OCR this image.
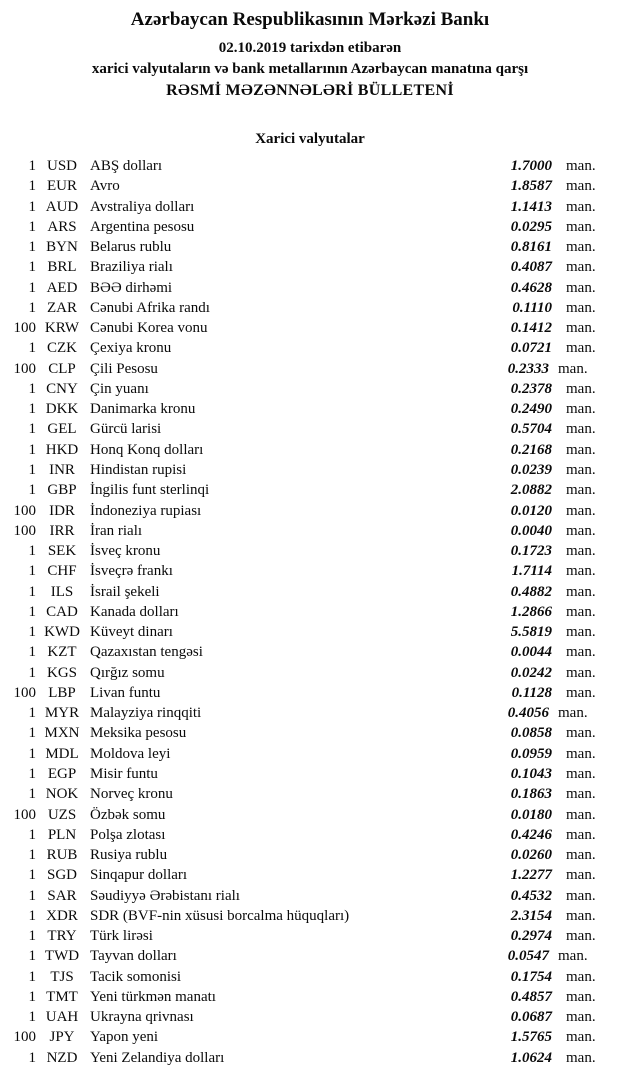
Azərbaycan Respublikasının Mərkəzi Bankı
02.10.2019 tarixdən etibarən
xarici valyutaların və bank metallarının Azərbaycan manatına qarşı
RƏSMİ MƏZƏNNƏLƏRİ BÜLLETENİ
Xarici valyutalar
1 USD ABŞ dolları	1.7000 man.
1 EUR Avro	1.8587 man.
1 AUD Avstraliya dolları	1.1413 man.
1 ARS Argentina pesosu	0.0295 man.
1 BYN Belarus rublu	0.8161 man.
1 BRL Braziliya rialı	0.4087 man.
1 AED BƏƏ dirhəmi	0.4628 man.
1 ZAR Cənubi Afrika randı	0.1110 man.
100 KRW Cənubi Korea vonu	0.1412 man.
1 CZK Çexiya kronu	0.0721 man.
100 CLP Çili Pesosu	0.2333 man.
1 CNY Çin yuanı	0.2378 man.
1 DKK Danimarka kronu	0.2490 man.
1 GEL Gürcü larisi	0.5704 man.
1 HKD Honq Konq dolları	0.2168 man.
1 INR	Hindistan rupisi	0.0239 man.
1 GBP İngilis funt sterlinqi	2.0882 man.
100 IDR	İndoneziya rupiası	0.0120 man.
100 IRR	İran rialı	0.0040 man.
1 SEK İsveç kronu	0.1723 man.
1 CHF İsveçrə frankı	1.7114 man.
1 ILS	İsrail şekeli	0.4882 man.
1 CAD Kanada dolları	1.2866 man.
1 KWD Küveyt dinarı	5.5819 man.
1 KZT Qazaxıstan tengəsi	0.0044 man.
1 KGS Qırğız somu	0.0242 man.
100 LBP Livan funtu	0.1128 man.
1 MYR Malayziya rinqqiti	0.4056 man.
1 MXN Meksika pesosu	0.0858 man.
1 MDL Moldova leyi	0.0959 man.
1 EGP Misir funtu	0.1043 man.
1 NOK Norveç kronu	0.1863 man.
100 UZS Özbək somu	0.0180 man.
1 PLN Polşa zlotası	0.4246 man.
1 RUB Rusiya rublu	0.0260 man.
1 SGD Sinqapur dolları	1.2277 man.
1 SAR Səudiyyə Ərəbistanı rialı	0.4532 man.
1 XDR SDR (BVF-nin xüsusi borcalma hüquqları)	2.3154 man.
1 TRY Türk lirəsi	0.2974 man.
1 TWD Tayvan dolları	0.0547 man.
1 TJS	Tacik somonisi	0.1754 man.
1 TMT Yeni türkmən manatı	0.4857 man.
1 UAH Ukrayna qrivnası	0.0687 man.
100 JPY	Yapon yeni	1.5765 man.
1 NZD Yeni Zelandiya dolları	1.0624 man.
